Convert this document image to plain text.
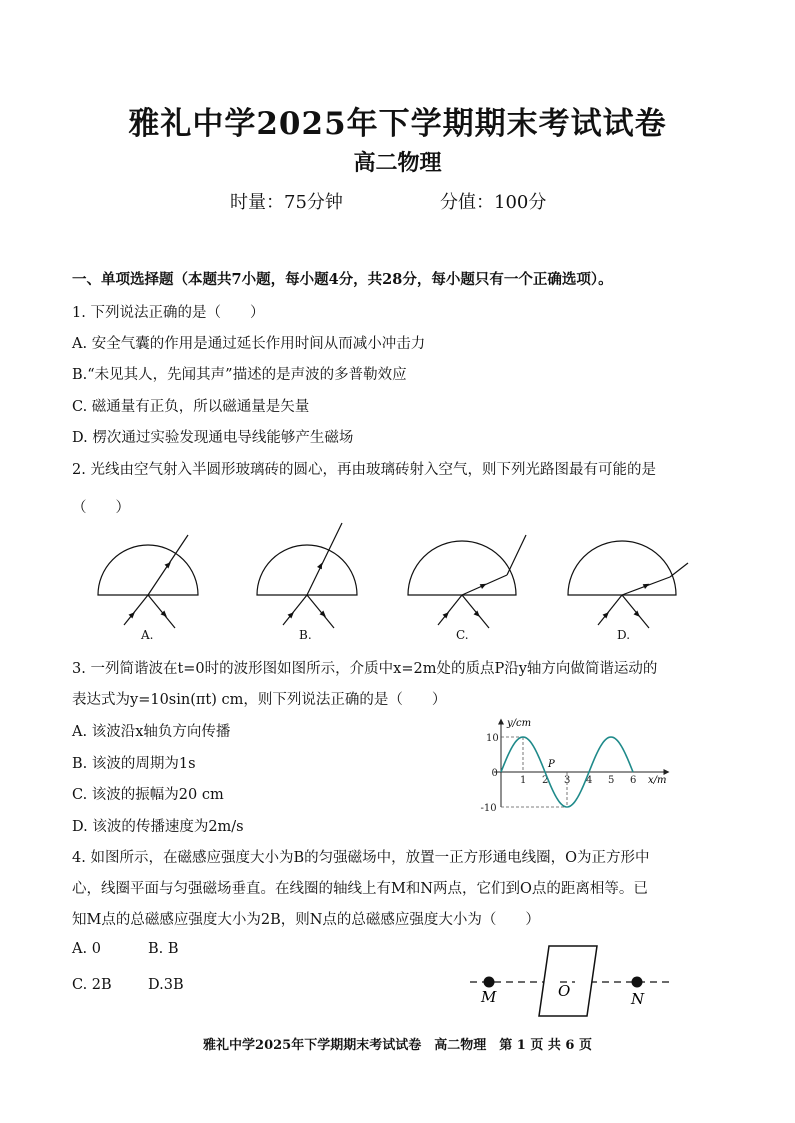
雅礼中学2025年下学期期末考试试卷
高二物理
时量：75分钟	分值：100分
一、单项选择题（本题共7小题，每小题4分，共28分，每小题只有一个正确选项）。
1. 下列说法正确的是（　　）
A. 安全气囊的作用是通过延长作用时间从而减小冲击力
B.“未见其人，先闻其声”描述的是声波的多普勒效应
C. 磁通量有正负，所以磁通量是矢量
D. 楞次通过实验发现通电导线能够产生磁场
2. 光线由空气射入半圆形玻璃砖的圆心，再由玻璃砖射入空气，则下列光路图最有可能的是
（　　）
A.	B.	C.	D.
3. 一列简谐波在t=0时的波形图如图所示，介质中x=2m处的质点P沿y轴方向做简谐运动的
表达式为y=10sin(πt) cm，则下列说法正确的是（　　）
A. 该波沿x轴负方向传播
B. 该波的周期为1s
C. 该波的振幅为20 cm
D. 该波的传播速度为2m/s
y/cm
x/m
1 2 3 4 5 6
10
0
-10
P
4. 如图所示，在磁感应强度大小为B的匀强磁场中，放置一正方形通电线圈，O为正方形中
心，线圈平面与匀强磁场垂直。在线圈的轴线上有M和N两点，它们到O点的距离相等。已
知M点的总磁感应强度大小为2B，则N点的总磁感应强度大小为（　　）
A. 0	B. B
C. 2B	D.3B
M	O	N
雅礼中学2025年下学期期末考试试卷　高二物理　第 1 页 共 6 页
